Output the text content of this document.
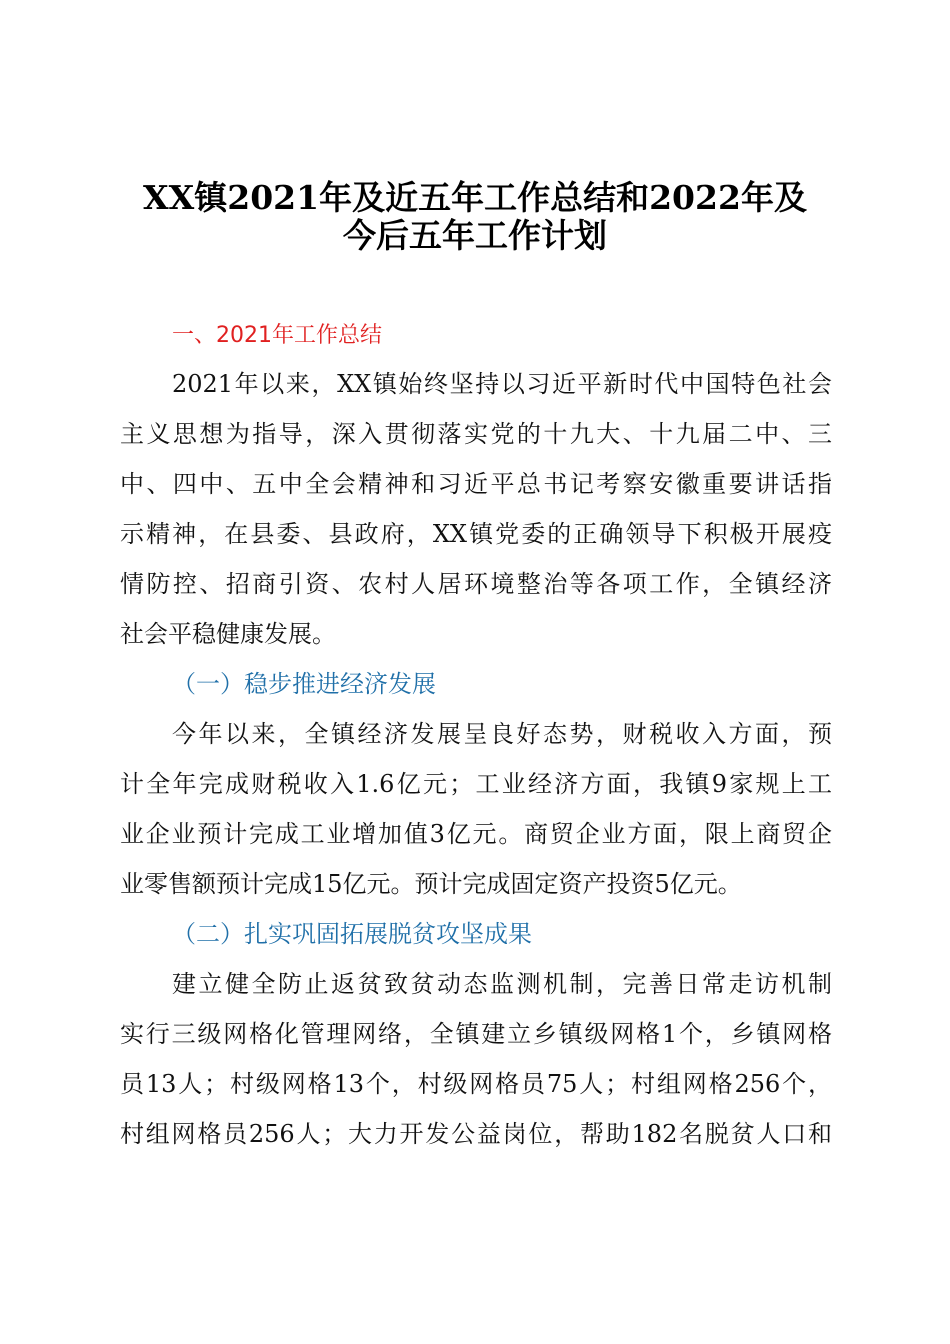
XX镇2021年及近五年工作总结和2022年及
今后五年工作计划
一、2021年工作总结
2021年以来，XX镇始终坚持以习近平新时代中国特色社会
主义思想为指导，深入贯彻落实党的十九大、十九届二中、三
中、四中、五中全会精神和习近平总书记考察安徽重要讲话指
示精神，在县委、县政府，XX镇党委的正确领导下积极开展疫
情防控、招商引资、农村人居环境整治等各项工作，全镇经济
社会平稳健康发展。
（一）稳步推进经济发展
今年以来，全镇经济发展呈良好态势，财税收入方面，预
计全年完成财税收入1.6亿元；工业经济方面，我镇9家规上工
业企业预计完成工业增加值3亿元。商贸企业方面，限上商贸企
业零售额预计完成15亿元。预计完成固定资产投资5亿元。
（二）扎实巩固拓展脱贫攻坚成果
建立健全防止返贫致贫动态监测机制，完善日常走访机制
实行三级网格化管理网络，全镇建立乡镇级网格1个，乡镇网格
员13人；村级网格13个，村级网格员75人；村组网格256个，
村组网格员256人；大力开发公益岗位，帮助182名脱贫人口和
